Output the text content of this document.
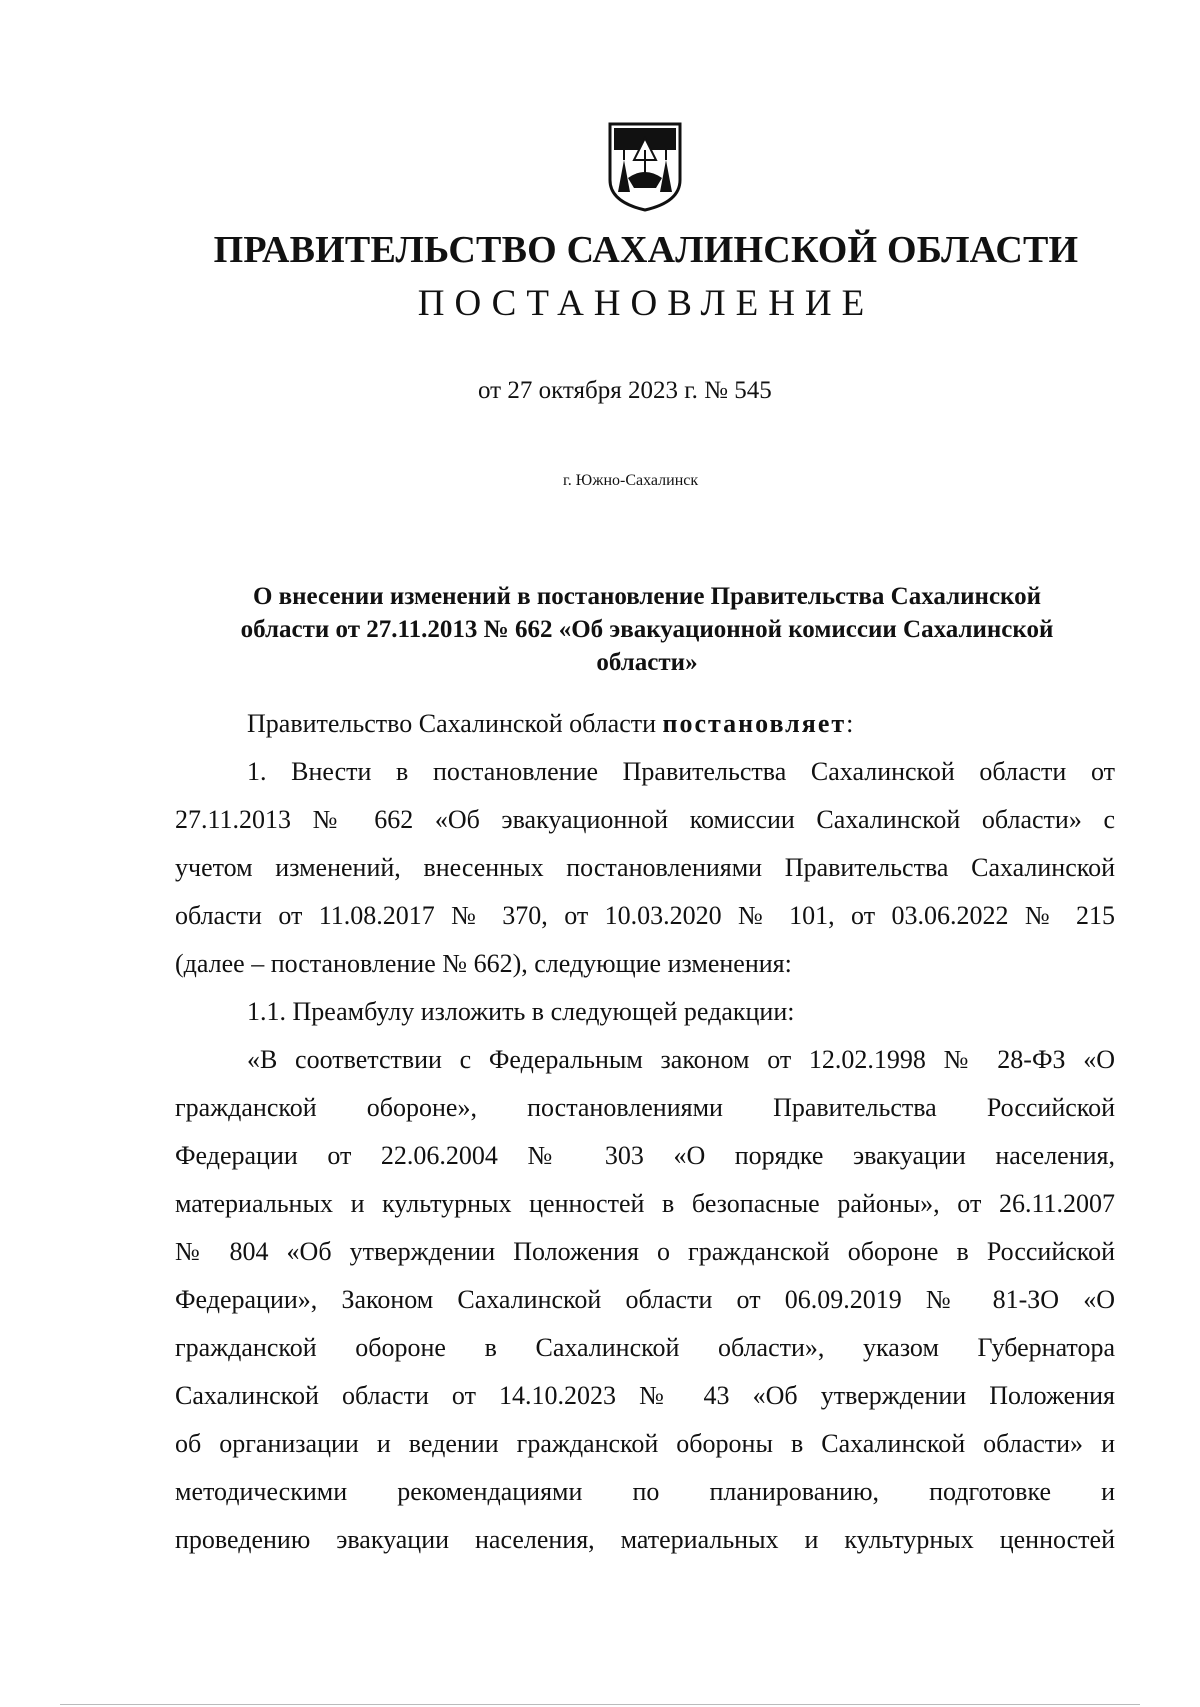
ПРАВИТЕЛЬСТВО САХАЛИНСКОЙ ОБЛАСТИ
ПОСТАНОВЛЕНИЕ
от 27 октября 2023 г. № 545
г. Южно-Сахалинск
О внесении изменений в постановление Правительства Сахалинской
области от 27.11.2013 № 662 «Об эвакуационной комиссии Сахалинской
области»
Правительство Сахалинской области постановляет:
1. Внести в постановление Правительства Сахалинской области от
27.11.2013 № 662 «Об эвакуационной комиссии Сахалинской области» с
учетом изменений, внесенных постановлениями Правительства Сахалинской
области от 11.08.2017 № 370, от 10.03.2020 № 101, от 03.06.2022 № 215
(далее – постановление № 662), следующие изменения:
1.1. Преамбулу изложить в следующей редакции:
«В соответствии с Федеральным законом от 12.02.1998 № 28-ФЗ «О
гражданской обороне», постановлениями Правительства Российской
Федерации от 22.06.2004 № 303 «О порядке эвакуации населения,
материальных и культурных ценностей в безопасные районы», от 26.11.2007
№ 804 «Об утверждении Положения о гражданской обороне в Российской
Федерации», Законом Сахалинской области от 06.09.2019 № 81-ЗО «О
гражданской обороне в Сахалинской области», указом Губернатора
Сахалинской области от 14.10.2023 № 43 «Об утверждении Положения
об организации и ведении гражданской обороны в Сахалинской области» и
методическими рекомендациями по планированию, подготовке и
проведению эвакуации населения, материальных и культурных ценностей
